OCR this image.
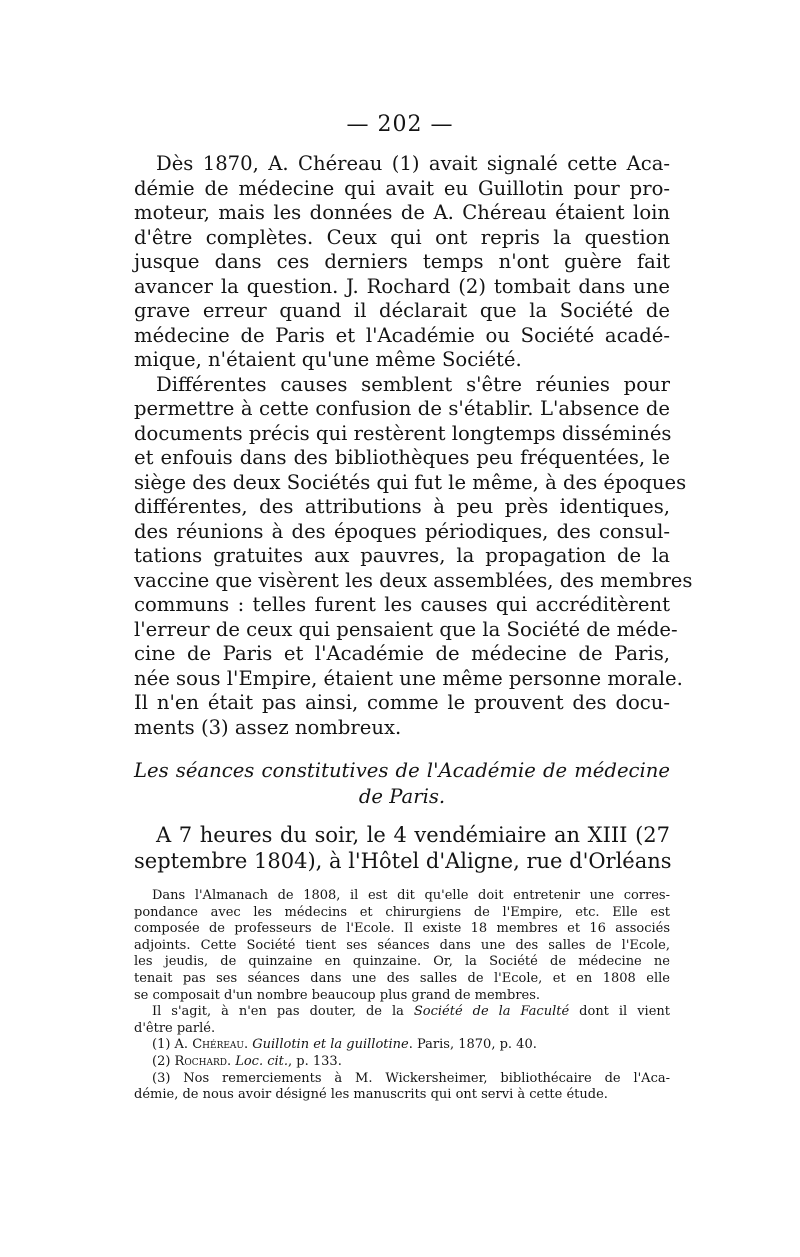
— 202 —
Dès 1870, A. Chéreau (1) avait signalé cette Aca-
démie de médecine qui avait eu Guillotin pour pro-
moteur, mais les données de A. Chéreau étaient loin
d'être complètes. Ceux qui ont repris la question
jusque dans ces derniers temps n'ont guère fait
avancer la question. J. Rochard (2) tombait dans une
grave erreur quand il déclarait que la Société de
médecine de Paris et l'Académie ou Société acadé-
mique, n'étaient qu'une même Société.
Différentes causes semblent s'être réunies pour
permettre à cette confusion de s'établir. L'absence de
documents précis qui restèrent longtemps disséminés
et enfouis dans des bibliothèques peu fréquentées, le
siège des deux Sociétés qui fut le même, à des époques
différentes, des attributions à peu près identiques,
des réunions à des époques périodiques, des consul-
tations gratuites aux pauvres, la propagation de la
vaccine que visèrent les deux assemblées, des membres
communs : telles furent les causes qui accréditèrent
l'erreur de ceux qui pensaient que la Société de méde-
cine de Paris et l'Académie de médecine de Paris,
née sous l'Empire, étaient une même personne morale.
Il n'en était pas ainsi, comme le prouvent des docu-
ments (3) assez nombreux.
Les séances constitutives de l'Académie de médecine
de Paris.
A 7 heures du soir, le 4 vendémiaire an XIII (27
septembre 1804), à l'Hôtel d'Aligne, rue d'Orléans
Dans l'Almanach de 1808, il est dit qu'elle doit entretenir une corres-
pondance avec les médecins et chirurgiens de l'Empire, etc. Elle est
composée de professeurs de l'Ecole. Il existe 18 membres et 16 associés
adjoints. Cette Société tient ses séances dans une des salles de l'Ecole,
les jeudis, de quinzaine en quinzaine. Or, la Société de médecine ne
tenait pas ses séances dans une des salles de l'Ecole, et en 1808 elle
se composait d'un nombre beaucoup plus grand de membres.
Il s'agit, à n'en pas douter, de la Société de la Faculté dont il vient
d'être parlé.
(1) A. Chéreau. Guillotin et la guillotine. Paris, 1870, p. 40.
(2) Rochard. Loc. cit., p. 133.
(3) Nos remerciements à M. Wickersheimer, bibliothécaire de l'Aca-
démie, de nous avoir désigné les manuscrits qui ont servi à cette étude.
